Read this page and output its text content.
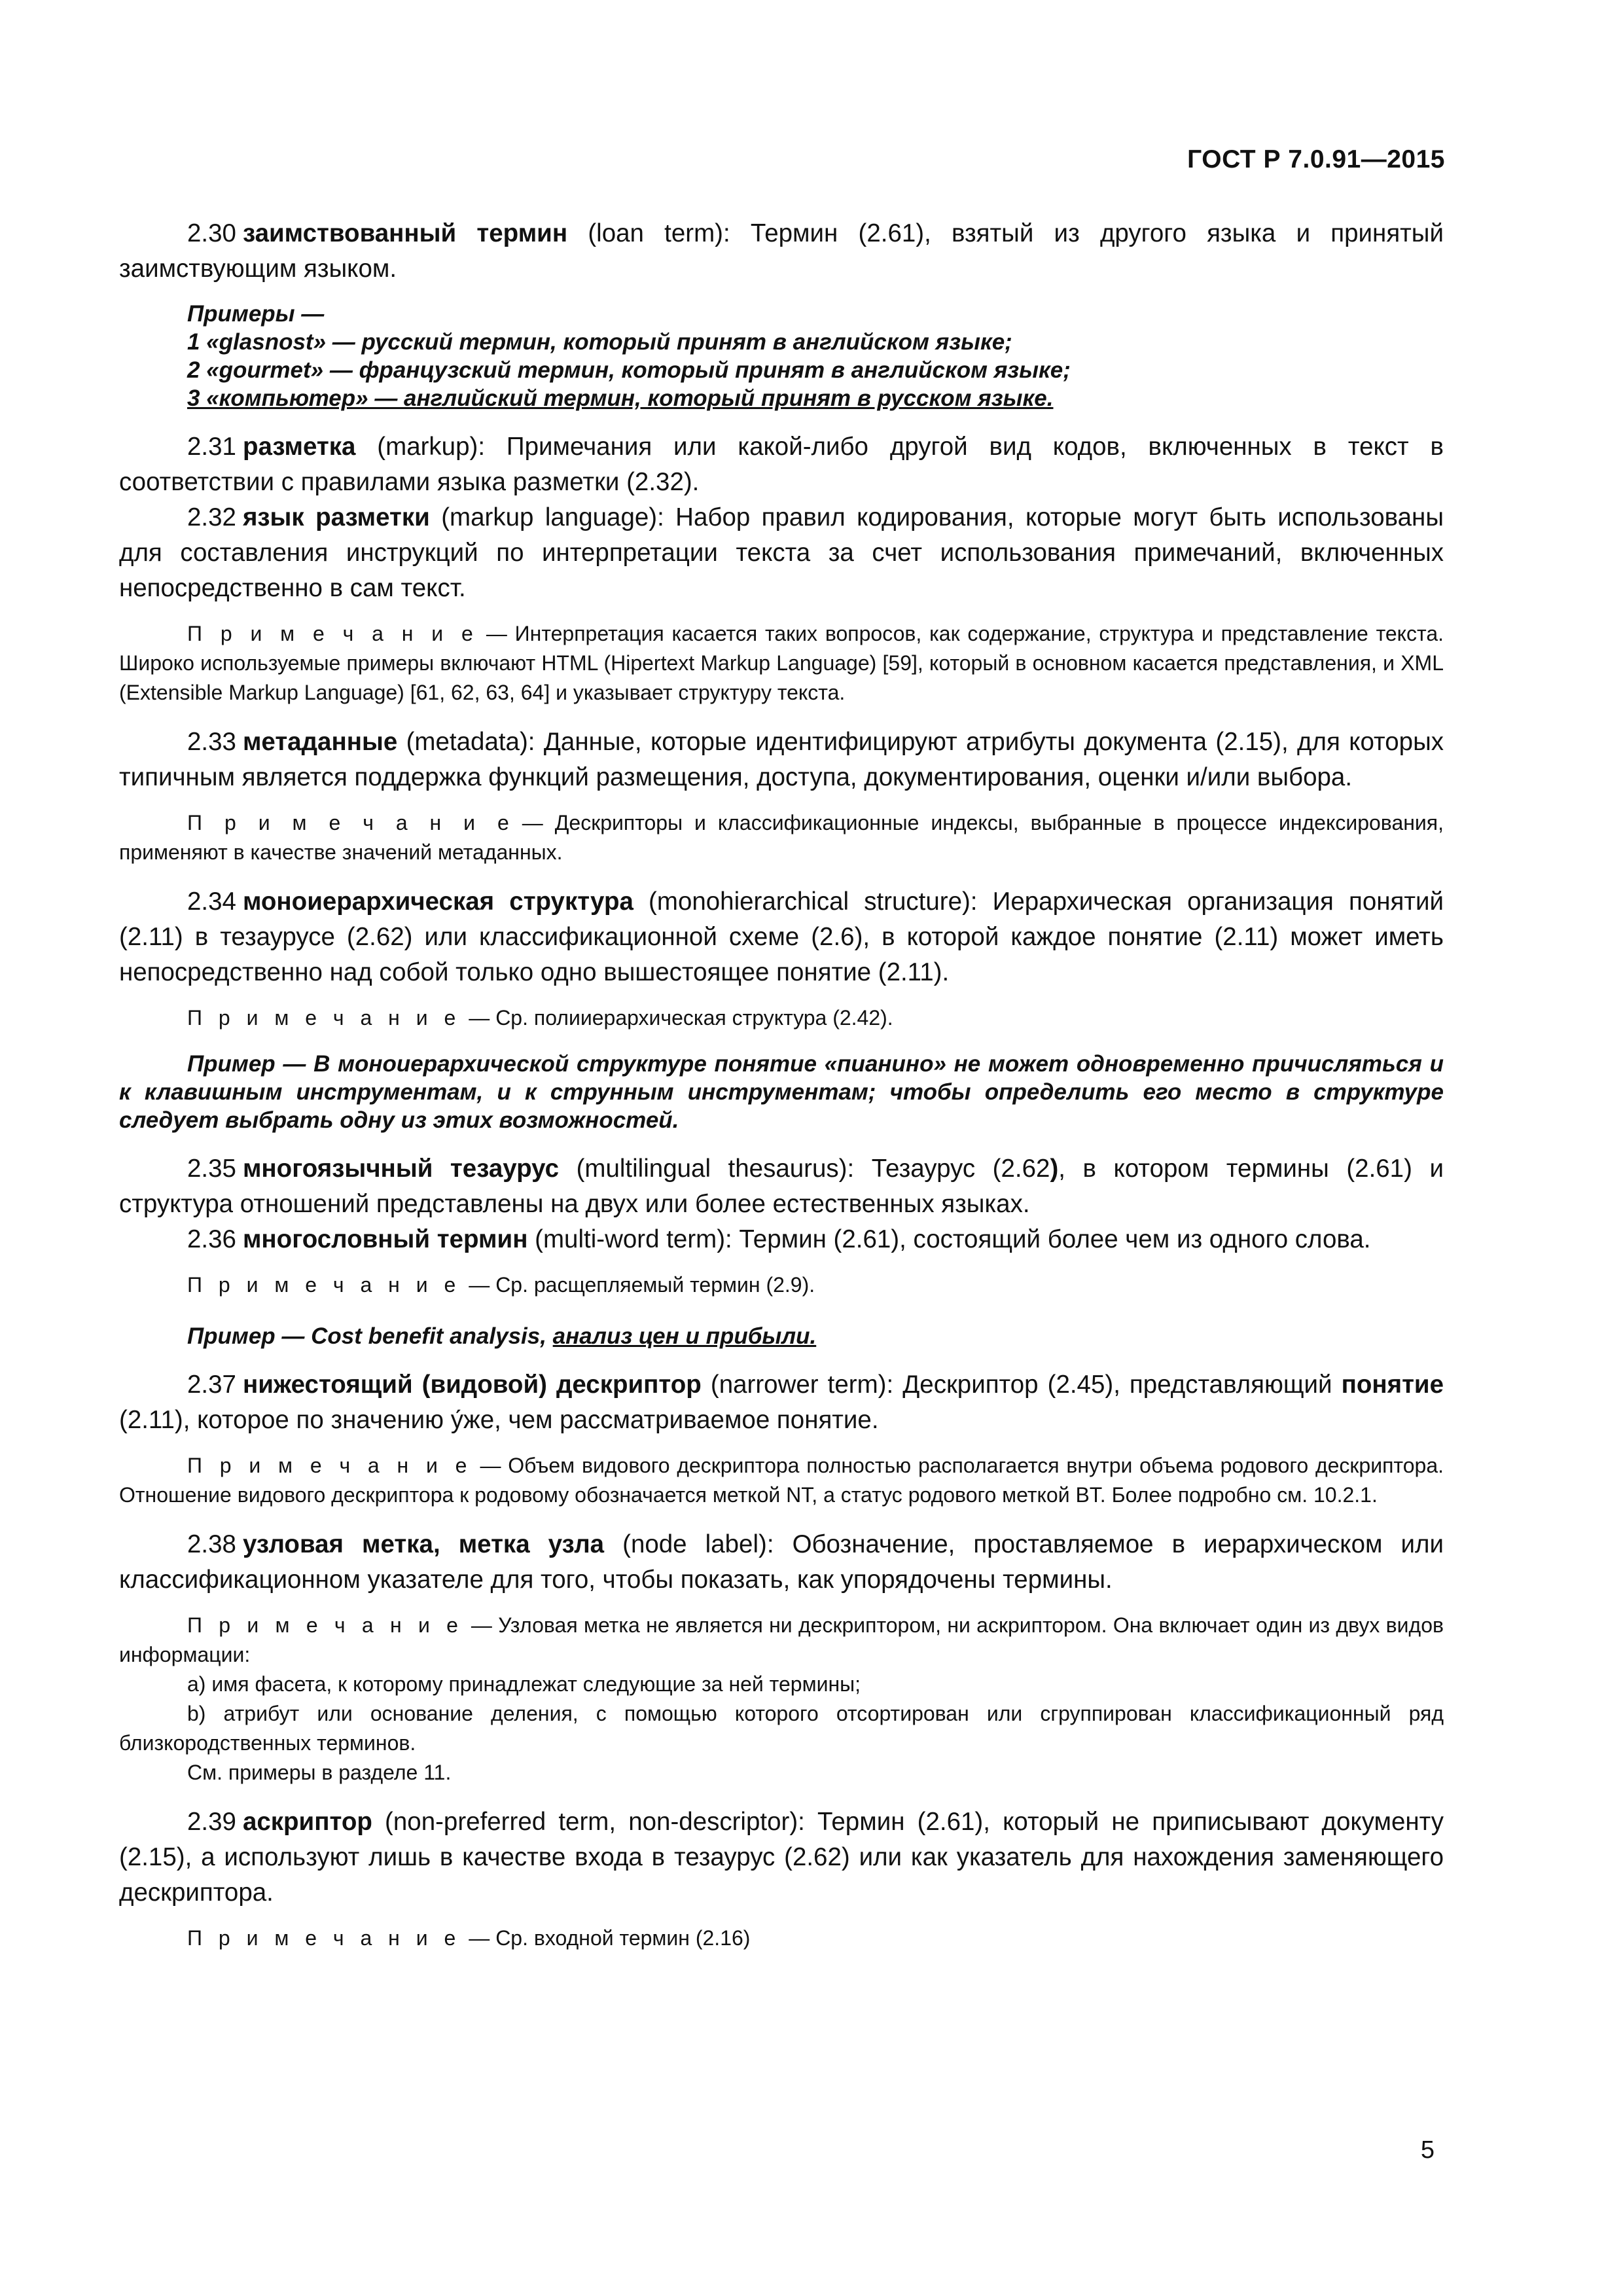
ГОСТ Р 7.0.91—2015

2.30 заимствованный термин (loan term): Термин (2.61), взятый из другого языка и принятый заимствующим языком.

Примеры —
1 «glasnost» — русский термин, который принят в английском языке;
2 «gourmet» — французский термин, который принят в английском языке;
3 «компьютер» — английский термин, который принят в русском языке.

2.31 разметка (markup): Примечания или какой-либо другой вид кодов, включенных в текст в соответствии с правилами языка разметки (2.32).

2.32 язык разметки (markup language): Набор правил кодирования, которые могут быть использованы для составления инструкций по интерпретации текста за счет использования примечаний, включенных непосредственно в сам текст.

П р и м е ч а н и е — Интерпретация касается таких вопросов, как содержание, структура и представление текста. Широко используемые примеры включают HTML (Hipertext Markup Language) [59], который в основном касается представления, и XML (Extensible Markup Language) [61, 62, 63, 64] и указывает структуру текста.

2.33 метаданные (metadata): Данные, которые идентифицируют атрибуты документа (2.15), для которых типичным является поддержка функций размещения, доступа, документирования, оценки и/или выбора.

П р и м е ч а н и е — Дескрипторы и классификационные индексы, выбранные в процессе индексирования, применяют в качестве значений метаданных.

2.34 моноиерархическая структура (monohierarchical structure): Иерархическая организация понятий (2.11) в тезаурусе (2.62) или классификационной схеме (2.6), в которой каждое понятие (2.11) может иметь непосредственно над собой только одно вышестоящее понятие (2.11).

П р и м е ч а н и е — Ср. полииерархическая структура (2.42).

Пример — В моноиерархической структуре понятие «пианино» не может одновременно причисляться и к клавишным инструментам, и к струнным инструментам; чтобы определить его место в структуре следует выбрать одну из этих возможностей.

2.35 многоязычный тезаурус (multilingual thesaurus): Тезаурус (2.62), в котором термины (2.61) и структура отношений представлены на двух или более естественных языках.

2.36 многословный термин (multi-word term): Термин (2.61), состоящий более чем из одного слова.

П р и м е ч а н и е — Ср. расщепляемый термин (2.9).

Пример — Cost benefit analysis, анализ цен и прибыли.

2.37 нижестоящий (видовой) дескриптор (narrower term): Дескриптор (2.45), представляющий понятие (2.11), которое по значению у́же, чем рассматриваемое понятие.

П р и м е ч а н и е — Объем видового дескриптора полностью располагается внутри объема родового дескриптора. Отношение видового дескриптора к родовому обозначается меткой NT, а статус родового меткой BT. Более подробно см. 10.2.1.

2.38 узловая метка, метка узла (node label): Обозначение, проставляемое в иерархическом или классификационном указателе для того, чтобы показать, как упорядочены термины.

П р и м е ч а н и е — Узловая метка не является ни дескриптором, ни аскриптором. Она включает один из двух видов информации:

а) имя фасета, к которому принадлежат следующие за ней термины;

b) атрибут или основание деления, с помощью которого отсортирован или сгруппирован классификационный ряд близкородственных терминов.

См. примеры в разделе 11.

2.39 аскриптор (non-preferred term, non-descriptor): Термин (2.61), который не приписывают документу (2.15), а используют лишь в качестве входа в тезаурус (2.62) или как указатель для нахождения заменяющего дескриптора.

П р и м е ч а н и е — Ср. входной термин (2.16)

5
